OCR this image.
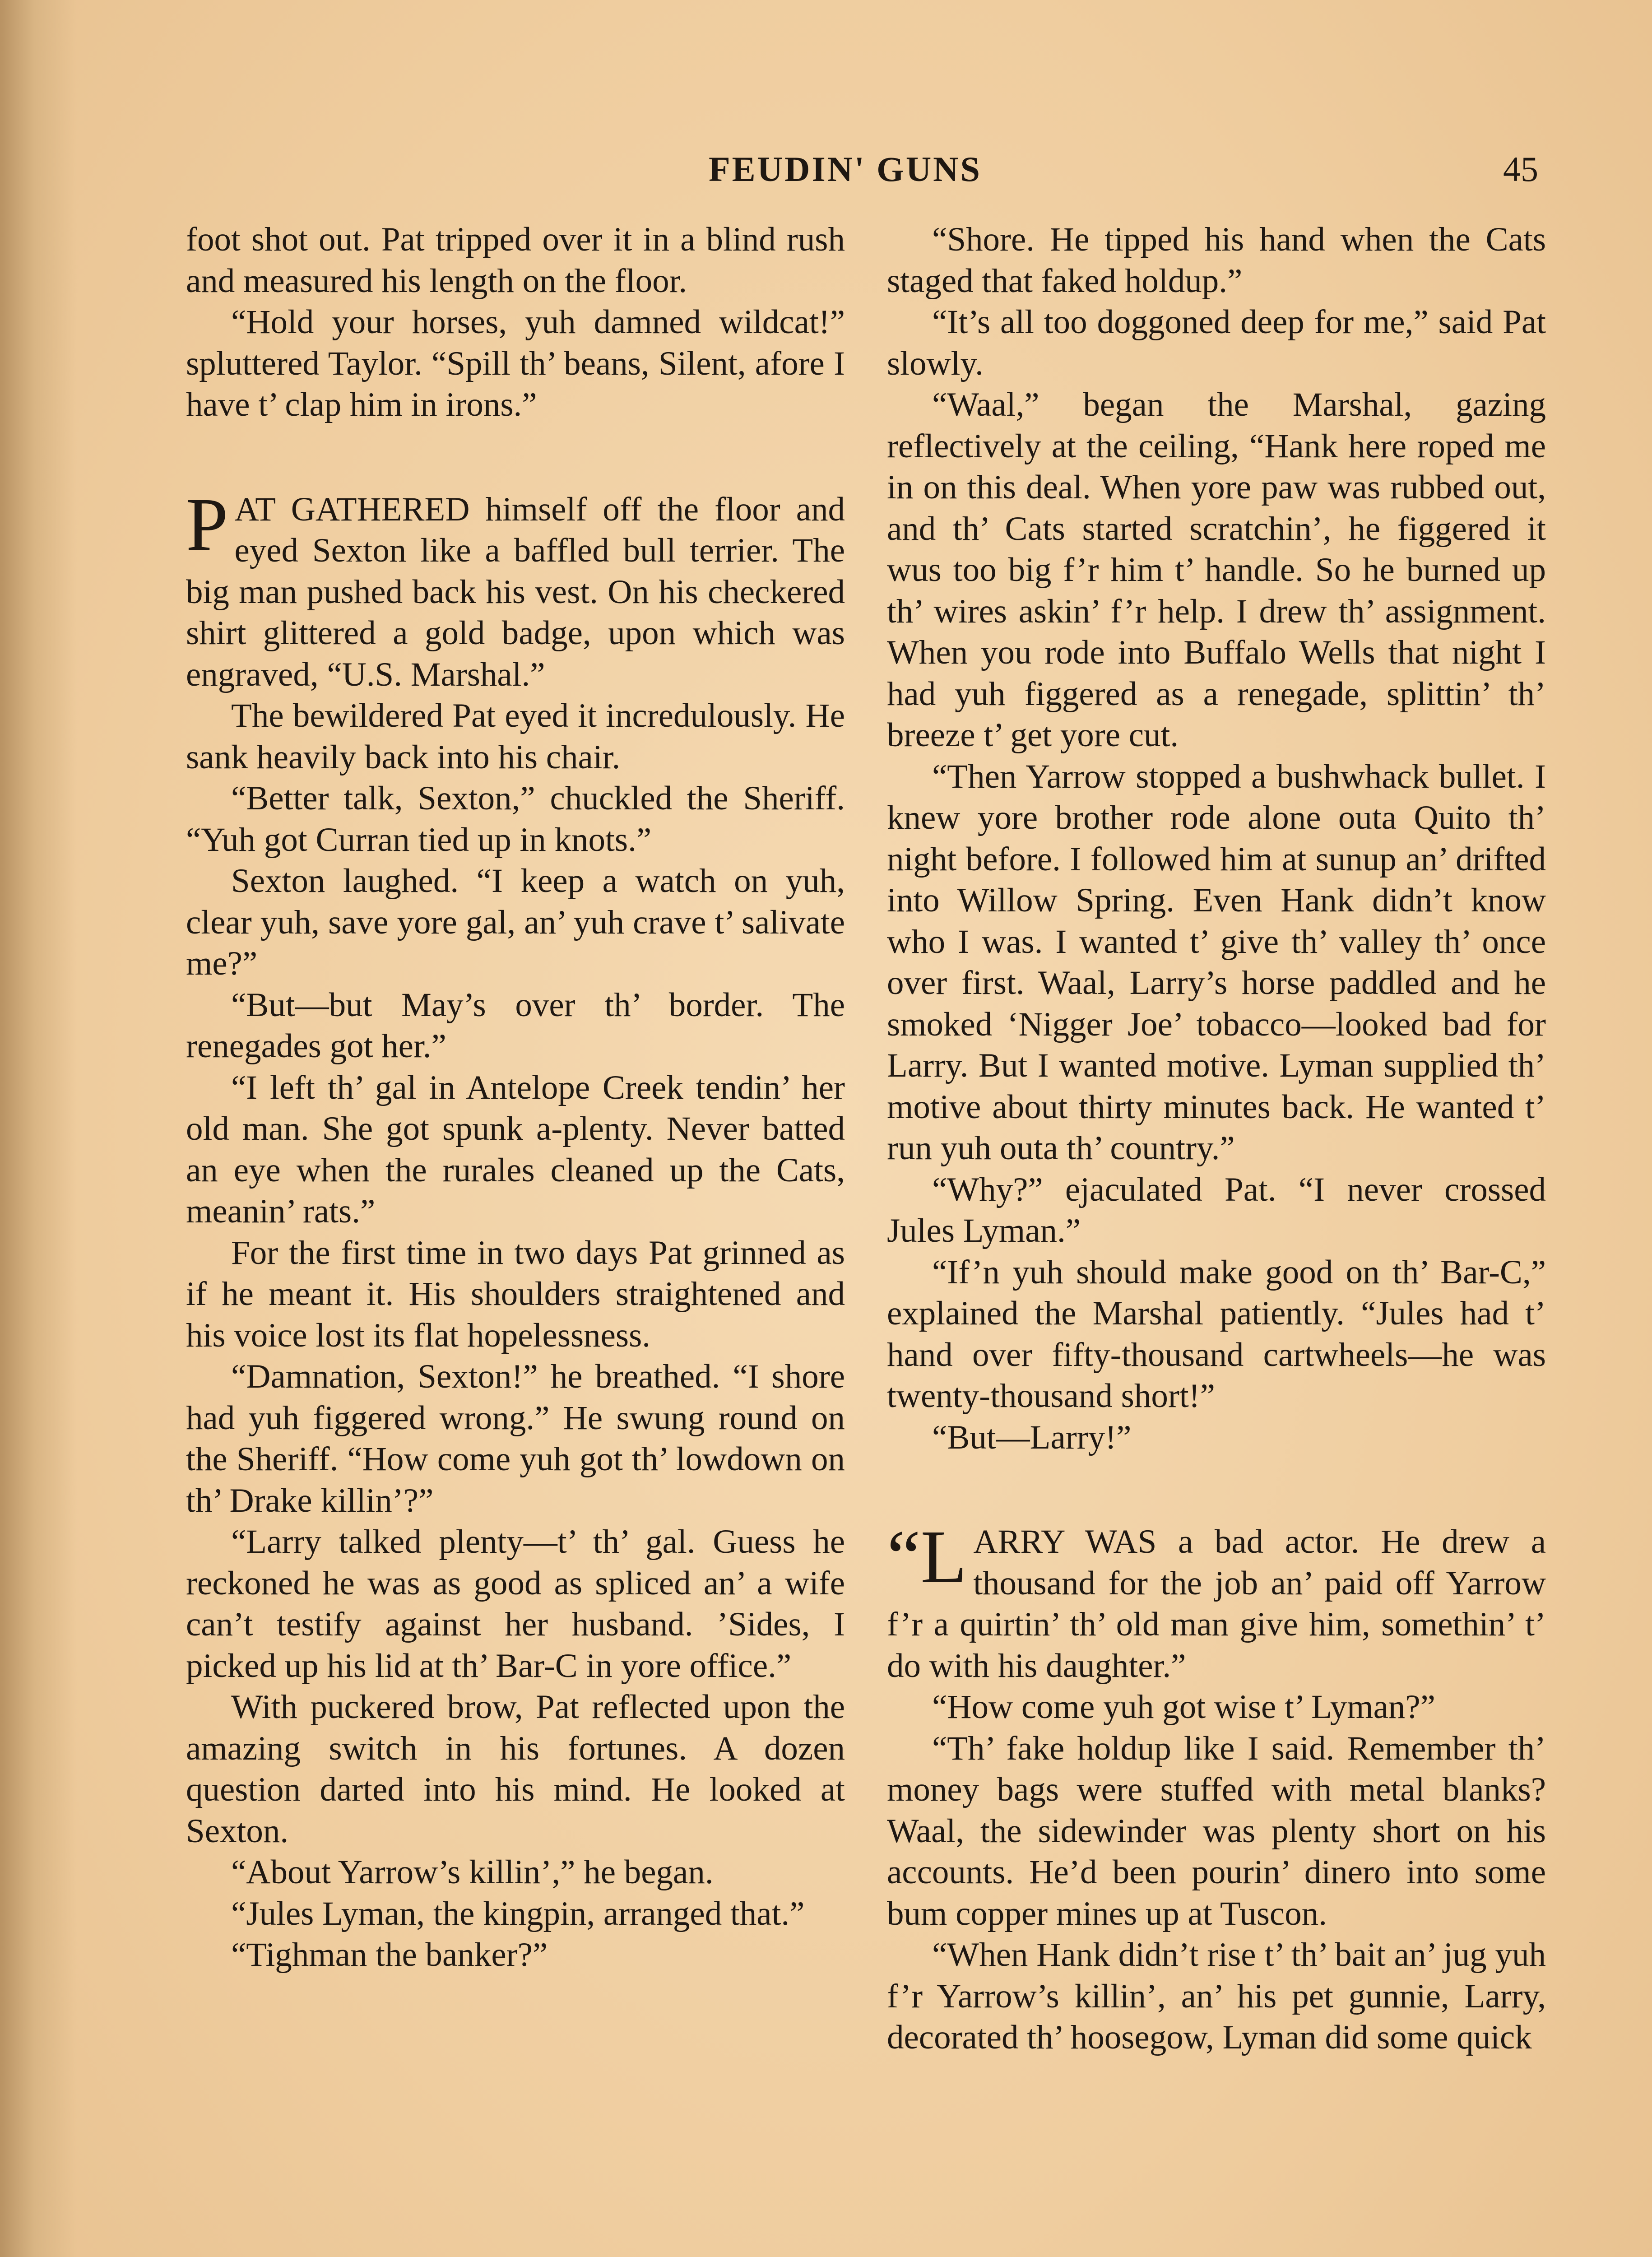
FEUDIN' GUNS	45

foot shot out. Pat tripped over it in a blind rush and measured his length on the floor.

“Hold your horses, yuh damned wildcat!” spluttered Taylor. “Spill th’ beans, Silent, afore I have t’ clap him in irons.”

PAT GATHERED himself off the floor and eyed Sexton like a baffled bull terrier. The big man pushed back his vest. On his checkered shirt glittered a gold badge, upon which was engraved, “U.S. Marshal.”

The bewildered Pat eyed it incredulously. He sank heavily back into his chair.

“Better talk, Sexton,” chuckled the Sheriff. “Yuh got Curran tied up in knots.”

Sexton laughed. “I keep a watch on yuh, clear yuh, save yore gal, an’ yuh crave t’ salivate me?”

“But—but May’s over th’ border. The renegades got her.”

“I left th’ gal in Antelope Creek tendin’ her old man. She got spunk a-plenty. Never batted an eye when the rurales cleaned up the Cats, meanin’ rats.”

For the first time in two days Pat grinned as if he meant it. His shoulders straightened and his voice lost its flat hopelessness.

“Damnation, Sexton!” he breathed. “I shore had yuh figgered wrong.” He swung round on the Sheriff. “How come yuh got th’ lowdown on th’ Drake killin’?”

“Larry talked plenty—t’ th’ gal. Guess he reckoned he was as good as spliced an’ a wife can’t testify against her husband. ’Sides, I picked up his lid at th’ Bar-C in yore office.”

With puckered brow, Pat reflected upon the amazing switch in his fortunes. A dozen question darted into his mind. He looked at Sexton.

“About Yarrow’s killin’,” he began.

“Jules Lyman, the kingpin, arranged that.”

“Tighman the banker?”

“Shore. He tipped his hand when the Cats staged that faked holdup.”

“It’s all too doggoned deep for me,” said Pat slowly.

“Waal,” began the Marshal, gazing reflectively at the ceiling, “Hank here roped me in on this deal. When yore paw was rubbed out, and th’ Cats started scratchin’, he figgered it wus too big f’r him t’ handle. So he burned up th’ wires askin’ f’r help. I drew th’ assignment. When you rode into Buffalo Wells that night I had yuh figgered as a renegade, splittin’ th’ breeze t’ get yore cut.

“Then Yarrow stopped a bushwhack bullet. I knew yore brother rode alone outa Quito th’ night before. I followed him at sunup an’ drifted into Willow Spring. Even Hank didn’t know who I was. I wanted t’ give th’ valley th’ once over first. Waal, Larry’s horse paddled and he smoked ‘Nigger Joe’ tobacco—looked bad for Larry. But I wanted motive. Lyman supplied th’ motive about thirty minutes back. He wanted t’ run yuh outa th’ country.”

“Why?” ejaculated Pat. “I never crossed Jules Lyman.”

“If’n yuh should make good on th’ Bar-C,” explained the Marshal patiently. “Jules had t’ hand over fifty-thousand cartwheels—he was twenty-thousand short!”

“But—Larry!”

“LARRY WAS a bad actor. He drew a thousand for the job an’ paid off Yarrow f’r a quirtin’ th’ old man give him, somethin’ t’ do with his daughter.”

“How come yuh got wise t’ Lyman?”

“Th’ fake holdup like I said. Remember th’ money bags were stuffed with metal blanks? Waal, the sidewinder was plenty short on his accounts. He’d been pourin’ dinero into some bum copper mines up at Tuscon.

“When Hank didn’t rise t’ th’ bait an’ jug yuh f’r Yarrow’s killin’, an’ his pet gunnie, Larry, decorated th’ hoosegow, Lyman did some quick
